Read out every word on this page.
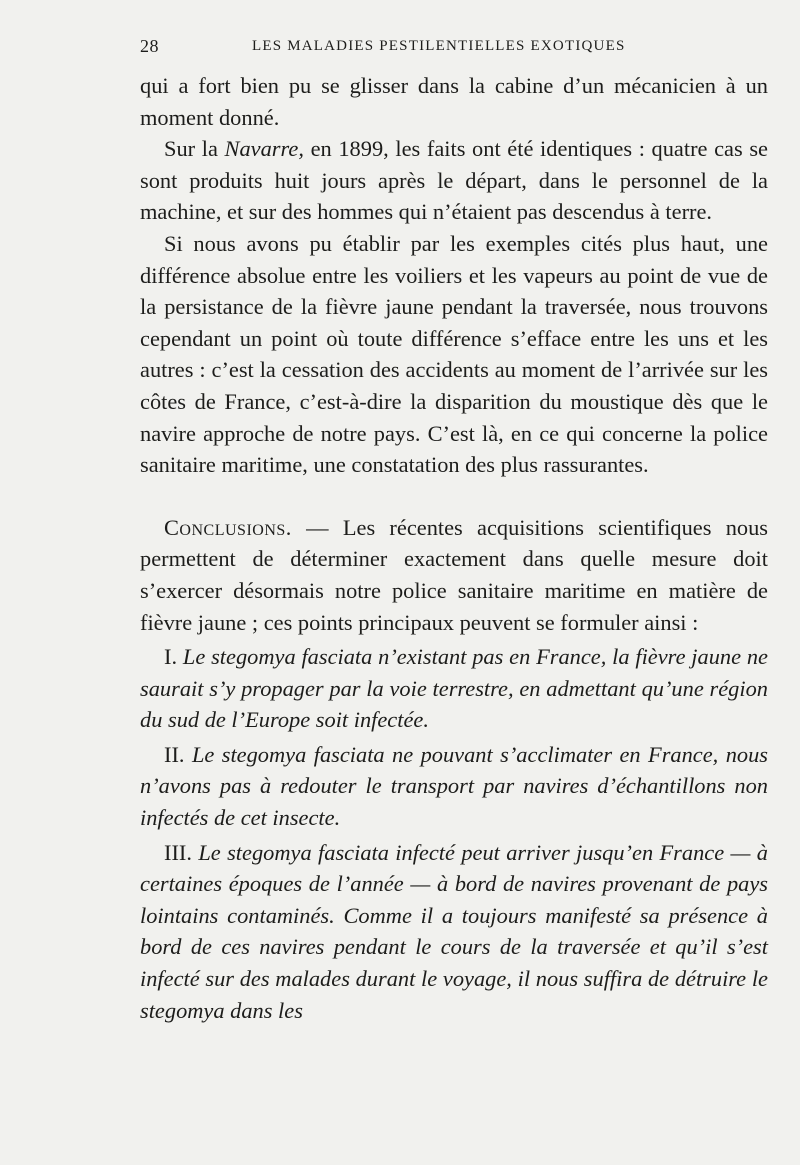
28	LES MALADIES PESTILENTIELLES EXOTIQUES

qui a fort bien pu se glisser dans la cabine d’un mécanicien à un moment donné.

Sur la Navarre, en 1899, les faits ont été identiques : quatre cas se sont produits huit jours après le départ, dans le personnel de la machine, et sur des hommes qui n’étaient pas descendus à terre.

Si nous avons pu établir par les exemples cités plus haut, une différence absolue entre les voiliers et les vapeurs au point de vue de la persistance de la fièvre jaune pendant la traversée, nous trouvons cependant un point où toute différence s’efface entre les uns et les autres : c’est la cessation des accidents au moment de l’arrivée sur les côtes de France, c’est-à-dire la disparition du moustique dès que le navire approche de notre pays. C’est là, en ce qui concerne la police sanitaire maritime, une constatation des plus rassurantes.

Conclusions. — Les récentes acquisitions scientifiques nous permettent de déterminer exactement dans quelle mesure doit s’exercer désormais notre police sanitaire maritime en matière de fièvre jaune ; ces points principaux peuvent se formuler ainsi :

I. Le stegomya fasciata n’existant pas en France, la fièvre jaune ne saurait s’y propager par la voie terrestre, en admettant qu’une région du sud de l’Europe soit infectée.

II. Le stegomya fasciata ne pouvant s’acclimater en France, nous n’avons pas à redouter le transport par navires d’échantillons non infectés de cet insecte.

III. Le stegomya fasciata infecté peut arriver jusqu’en France — à certaines époques de l’année — à bord de navires provenant de pays lointains contaminés. Comme il a toujours manifesté sa présence à bord de ces navires pendant le cours de la traversée et qu’il s’est infecté sur des malades durant le voyage, il nous suffira de détruire le stegomya dans les
